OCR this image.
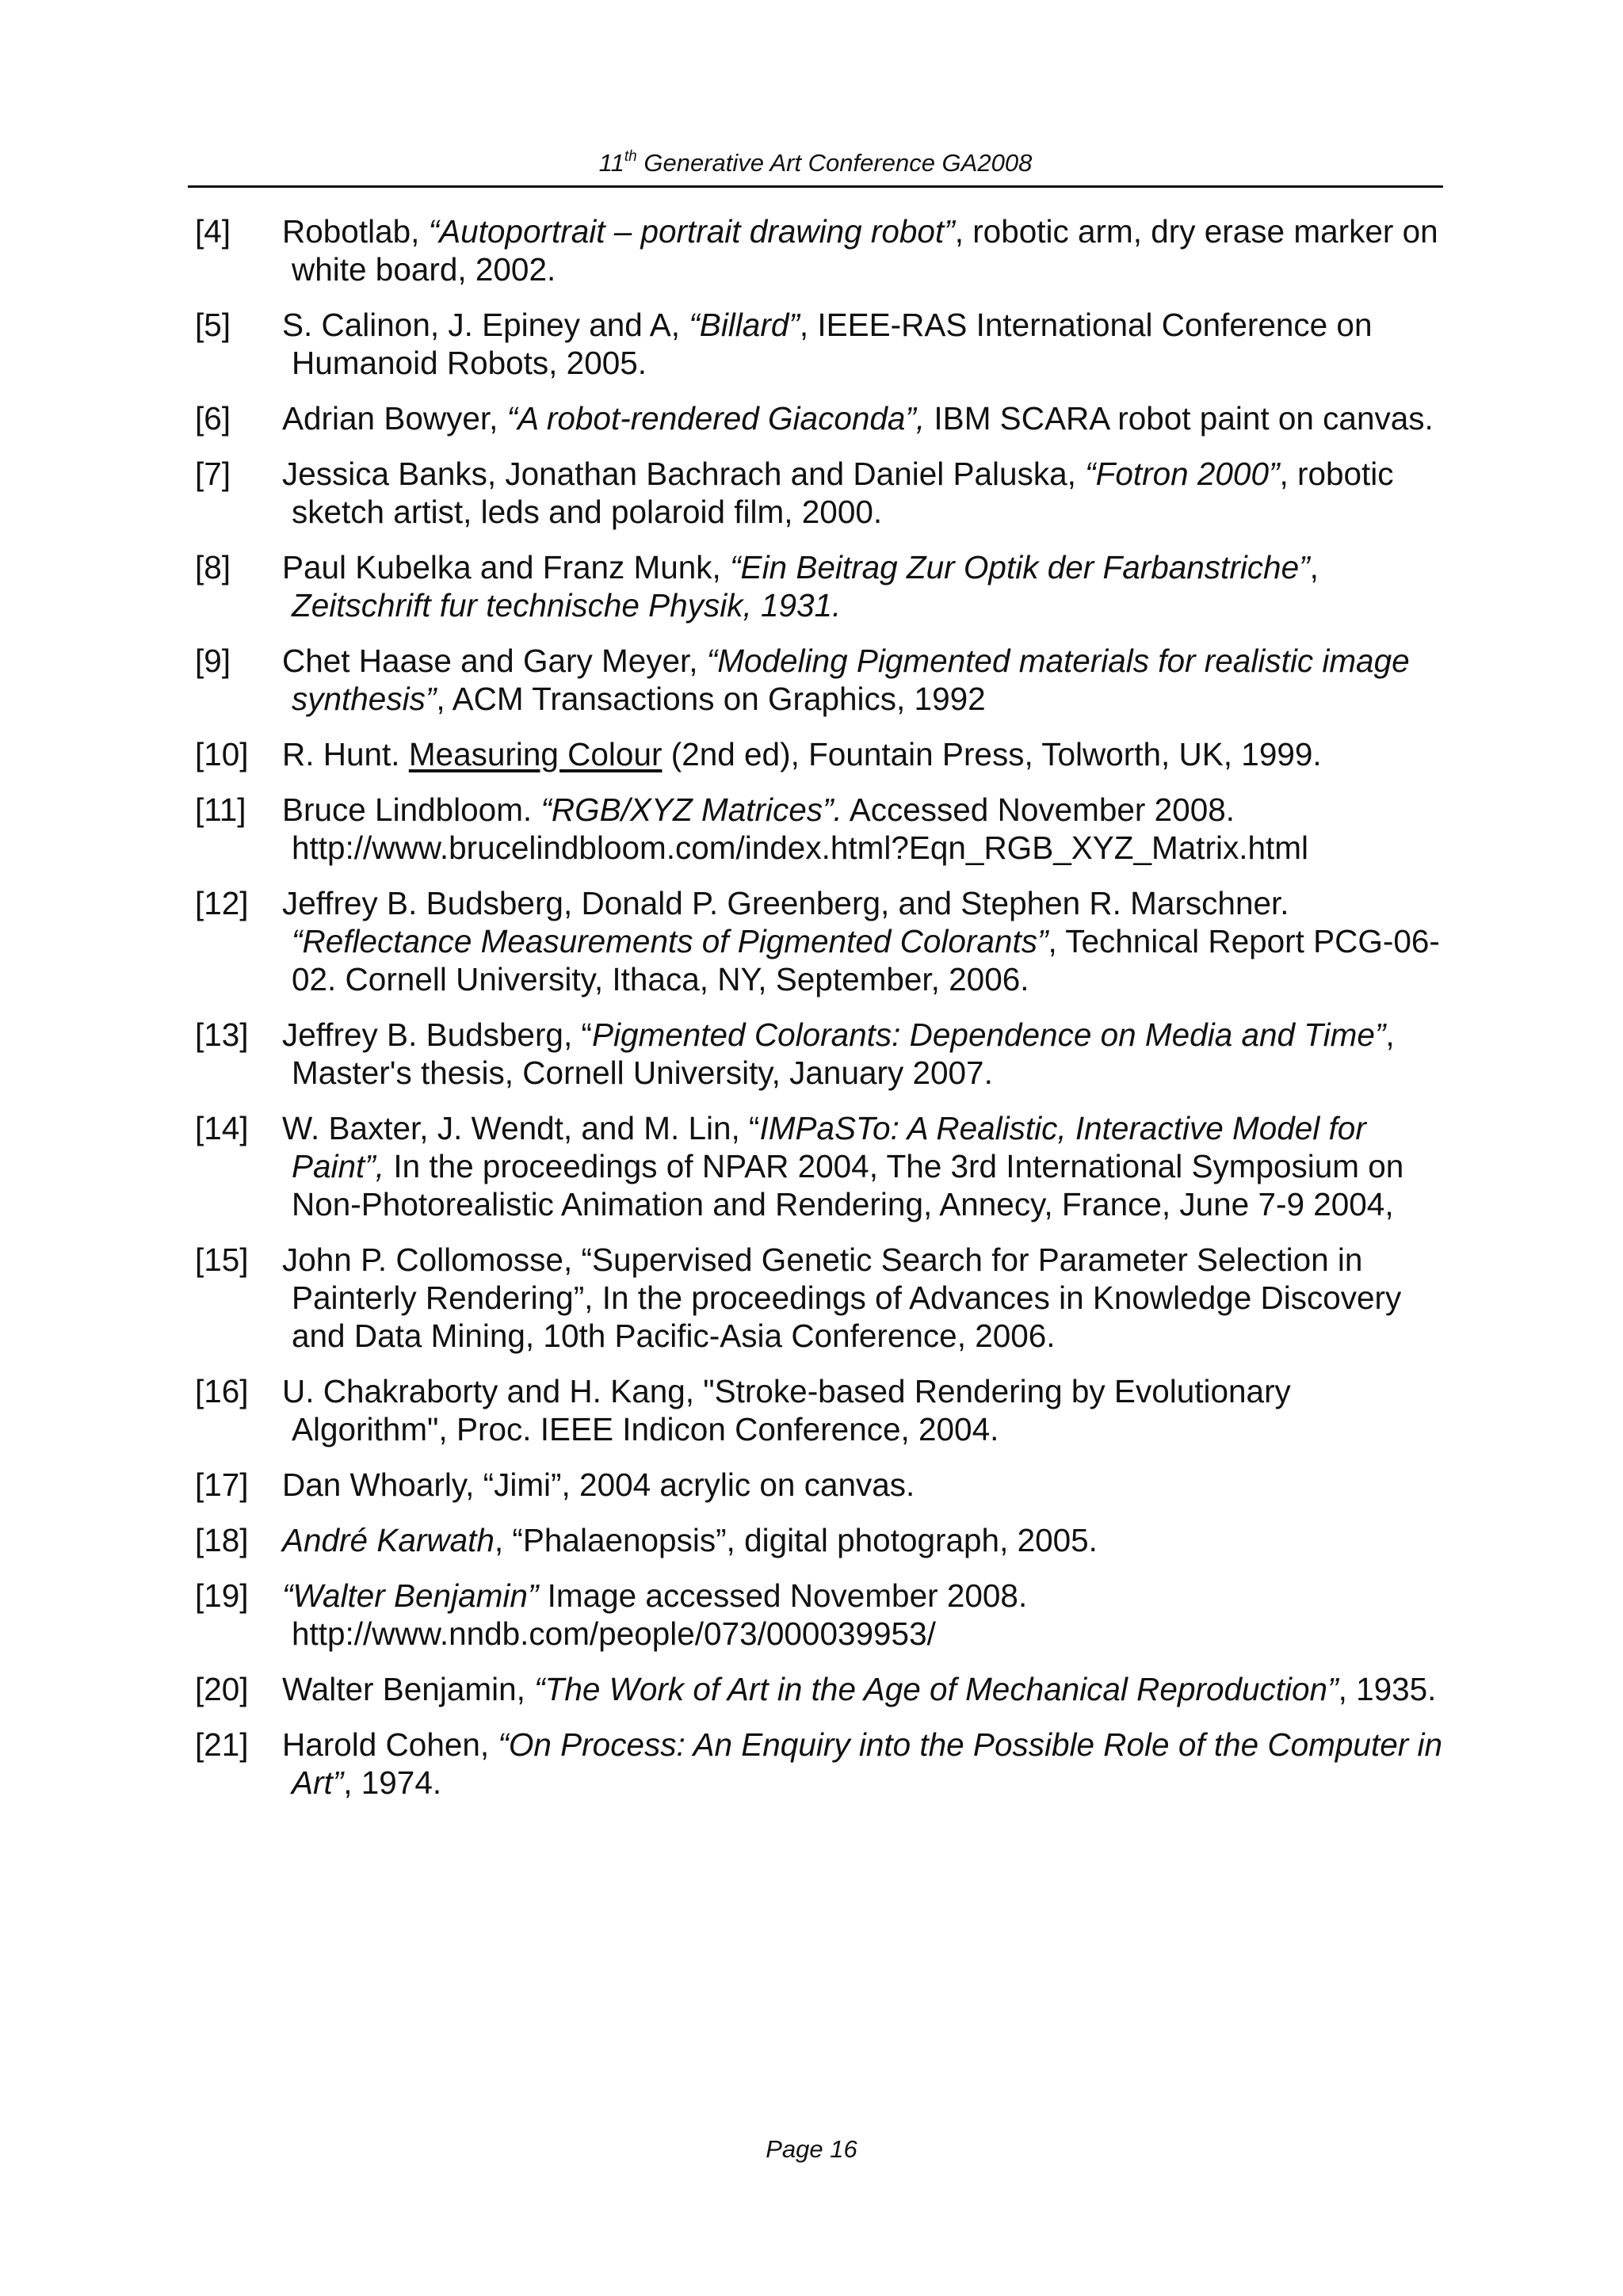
11th Generative Art Conference GA2008
[4] Robotlab, “Autoportrait – portrait drawing robot”, robotic arm, dry erase marker on white board, 2002.
[5] S. Calinon, J. Epiney and A, “Billard”, IEEE-RAS International Conference on Humanoid Robots, 2005.
[6] Adrian Bowyer, “A robot-rendered Giaconda”, IBM SCARA robot paint on canvas.
[7] Jessica Banks, Jonathan Bachrach and Daniel Paluska, “Fotron 2000”, robotic sketch artist, leds and polaroid film, 2000.
[8] Paul Kubelka and Franz Munk, “Ein Beitrag Zur Optik der Farbanstriche”, Zeitschrift fur technische Physik, 1931.
[9] Chet Haase and Gary Meyer, “Modeling Pigmented materials for realistic image synthesis”, ACM Transactions on Graphics, 1992
[10] R. Hunt. Measuring Colour (2nd ed), Fountain Press, Tolworth, UK, 1999.
[11] Bruce Lindbloom. “RGB/XYZ Matrices”. Accessed November 2008. http://www.brucelindbloom.com/index.html?Eqn_RGB_XYZ_Matrix.html
[12] Jeffrey B. Budsberg, Donald P. Greenberg, and Stephen R. Marschner. “Reflectance Measurements of Pigmented Colorants”, Technical Report PCG-06-02. Cornell University, Ithaca, NY, September, 2006.
[13] Jeffrey B. Budsberg, “Pigmented Colorants: Dependence on Media and Time”, Master's thesis, Cornell University, January 2007.
[14] W. Baxter, J. Wendt, and M. Lin, “IMPaSTo: A Realistic, Interactive Model for Paint”, In the proceedings of NPAR 2004, The 3rd International Symposium on Non-Photorealistic Animation and Rendering, Annecy, France, June 7-9 2004,
[15] John P. Collomosse, “Supervised Genetic Search for Parameter Selection in Painterly Rendering”, In the proceedings of Advances in Knowledge Discovery and Data Mining, 10th Pacific-Asia Conference, 2006.
[16] U. Chakraborty and H. Kang, "Stroke-based Rendering by Evolutionary Algorithm", Proc. IEEE Indicon Conference, 2004.
[17] Dan Whoarly, “Jimi”, 2004 acrylic on canvas.
[18] André Karwath, “Phalaenopsis”, digital photograph, 2005.
[19] “Walter Benjamin” Image accessed November 2008. http://www.nndb.com/people/073/000039953/
[20] Walter Benjamin, “The Work of Art in the Age of Mechanical Reproduction”, 1935.
[21] Harold Cohen, “On Process: An Enquiry into the Possible Role of the Computer in Art”, 1974.
Page 16
